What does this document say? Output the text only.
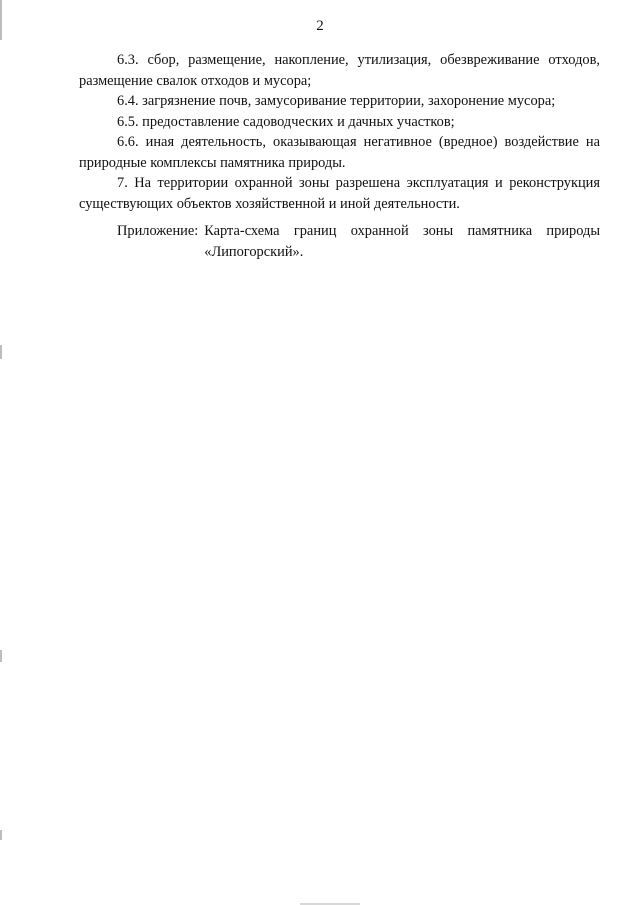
2

6.3. сбор, размещение, накопление, утилизация, обезвреживание отходов, размещение свалок отходов и мусора;

6.4. загрязнение почв, замусоривание территории, захоронение мусора;

6.5. предоставление садоводческих и дачных участков;

6.6. иная деятельность, оказывающая негативное (вредное) воздействие на природные комплексы памятника природы.

7. На территории охранной зоны разрешена эксплуатация и реконструкция существующих объектов хозяйственной и иной деятельности.

Приложение: Карта-схема границ охранной зоны памятника природы «Липогорский».
